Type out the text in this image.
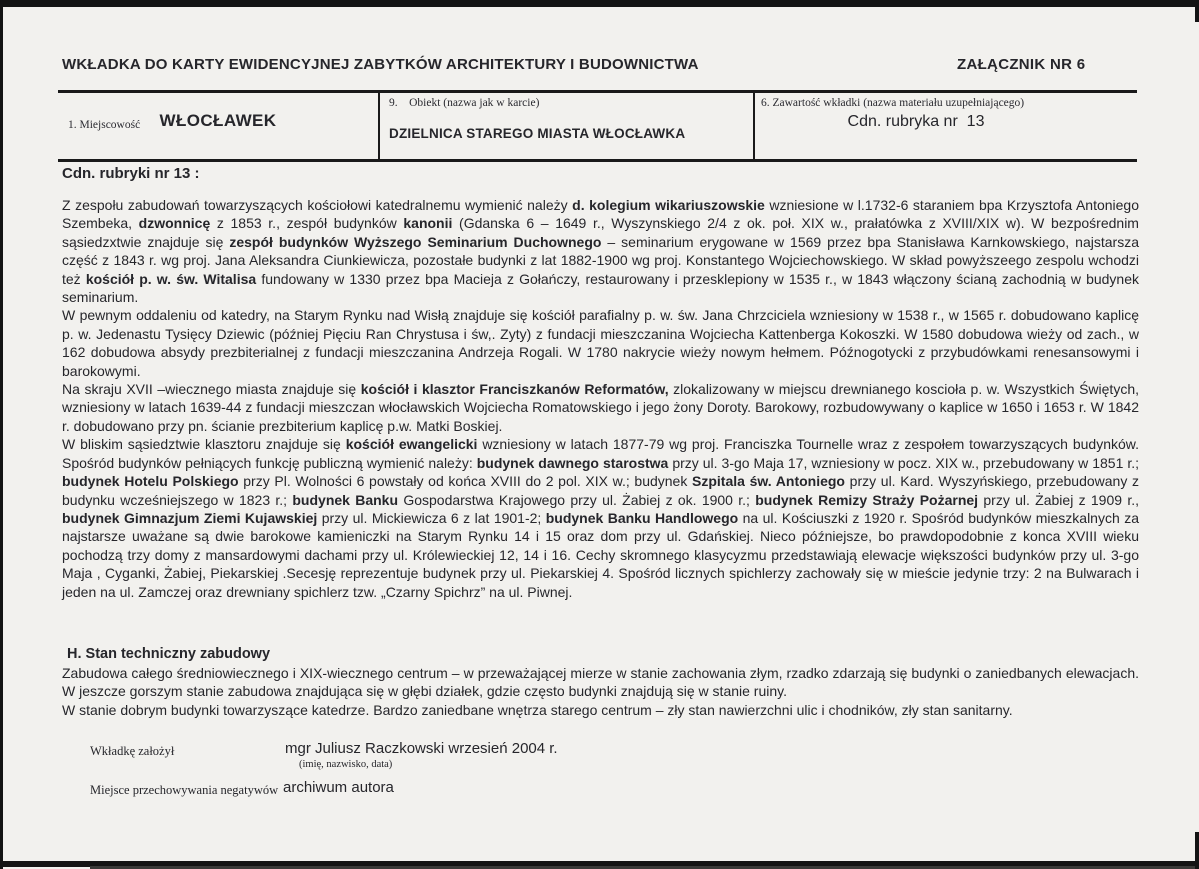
WKŁADKA DO KARTY EWIDENCYJNEJ ZABYTKÓW ARCHITEKTURY I BUDOWNICTWA	ZAŁĄCZNIK NR 6
1. Miejscowość	WŁOCŁAWEK
9.    Obiekt (nazwa jak w karcie)
DZIELNICA STAREGO MIASTA WŁOCŁAWKA
6. Zawartość wkładki (nazwa materiału uzupełniającego)
Cdn. rubryka nr  13
Cdn. rubryki nr 13 :
Z zespołu zabudowań towarzyszących kościołowi katedralnemu wymienić należy d. kolegium wikariuszowskie wzniesione w l.1732-6 staraniem bpa Krzysztofa Antoniego Szembeka, dzwonnicę z 1853 r., zespół budynków kanonii (Gdanska 6 – 1649 r., Wyszynskiego 2/4 z ok. poł. XIX w., prałatówka z XVIII/XIX w). W bezpośrednim sąsiedzxtwie znajduje się zespół budynków Wyższego Seminarium Duchownego – seminarium erygowane w 1569 przez bpa Stanisława Karnkowskiego, najstarsza część z 1843 r. wg proj. Jana Aleksandra Ciunkiewicza, pozostałe budynki z lat 1882-1900 wg proj. Konstantego Wojciechowskiego. W skład powyższeego zespolu wchodzi też kościół p. w. św. Witalisa fundowany w 1330 przez bpa Macieja z Gołańczy, restaurowany i przesklepiony w 1535 r., w 1843 włączony ścianą zachodnią w budynek seminarium.
W pewnym oddaleniu od katedry, na Starym Rynku nad Wisłą znajduje się kościół parafialny p. w. św. Jana Chrzciciela wzniesiony w 1538 r., w 1565 r. dobudowano kaplicę p. w. Jedenastu Tysięcy Dziewic (później Pięciu Ran Chrystusa i św,. Zyty) z fundacji mieszczanina Wojciecha Kattenberga Kokoszki. W 1580 dobudowa wieży od zach., w 162 dobudowa absydy prezbiterialnej z fundacji mieszczanina Andrzeja Rogali. W 1780 nakrycie wieży nowym hełmem. Późnogotycki z przybudówkami renesansowymi i barokowymi.
Na skraju XVII –wiecznego miasta znajduje się kościół i klasztor Franciszkanów Reformatów, zlokalizowany w miejscu drewnianego koscioła p. w. Wszystkich Świętych, wzniesiony w latach 1639-44 z fundacji mieszczan włocławskich Wojciecha Romatowskiego i jego żony Doroty. Barokowy, rozbudowywany o kaplice w 1650 i 1653 r. W 1842 r. dobudowano przy pn. ścianie prezbiterium kaplicę p.w. Matki Boskiej.
W bliskim sąsiedztwie klasztoru znajduje się kościół ewangelicki wzniesiony w latach 1877-79 wg proj. Franciszka Tournelle wraz z zespołem towarzyszących budynków. Spośród budynków pełniących funkcję publiczną wymienić należy: budynek dawnego starostwa przy ul. 3-go Maja 17, wzniesiony w pocz. XIX w., przebudowany w 1851 r.; budynek Hotelu Polskiego przy Pl. Wolności 6 powstały od końca XVIII do 2 pol. XIX w.; budynek Szpitala św. Antoniego przy ul. Kard. Wyszyńskiego, przebudowany z budynku wcześniejszego w 1823 r.; budynek Banku Gospodarstwa Krajowego przy ul. Żabiej z ok. 1900 r.; budynek Remizy Straży Pożarnej przy ul. Żabiej z 1909 r., budynek Gimnazjum Ziemi Kujawskiej przy ul. Mickiewicza 6 z lat 1901-2; budynek Banku Handlowego na ul. Kościuszki z 1920 r. Spośród budynków mieszkalnych za najstarsze uważane są dwie barokowe kamieniczki na Starym Rynku 14 i 15 oraz dom przy ul. Gdańskiej. Nieco późniejsze, bo prawdopodobnie z konca XVIII wieku pochodzą trzy domy z mansardowymi dachami przy ul. Królewieckiej 12, 14 i 16. Cechy skromnego klasycyzmu przedstawiają elewacje większości budynków przy ul. 3-go Maja , Cyganki, Żabiej, Piekarskiej .Secesję reprezentuje budynek przy ul. Piekarskiej 4. Spośród licznych spichlerzy zachowały się w mieście jedynie trzy: 2 na Bulwarach i jeden na ul. Zamczej oraz drewniany spichlerz tzw. „Czarny Spichrz” na ul. Piwnej.
H. Stan techniczny zabudowy
Zabudowa całego średniowiecznego i XIX-wiecznego centrum – w przeważającej mierze w stanie zachowania złym, rzadko zdarzają się budynki o zaniedbanych elewacjach. W jeszcze gorszym stanie zabudowa znajdująca się w głębi działek, gdzie często budynki znajdują się w stanie ruiny.
W stanie dobrym budynki towarzyszące katedrze. Bardzo zaniedbane wnętrza starego centrum – zły stan nawierzchni ulic i chodników, zły stan sanitarny.
Wkładkę założył	mgr Juliusz Raczkowski wrzesień 2004 r.
(imię, nazwisko, data)
Miejsce przechowywania negatywów archiwum autora
